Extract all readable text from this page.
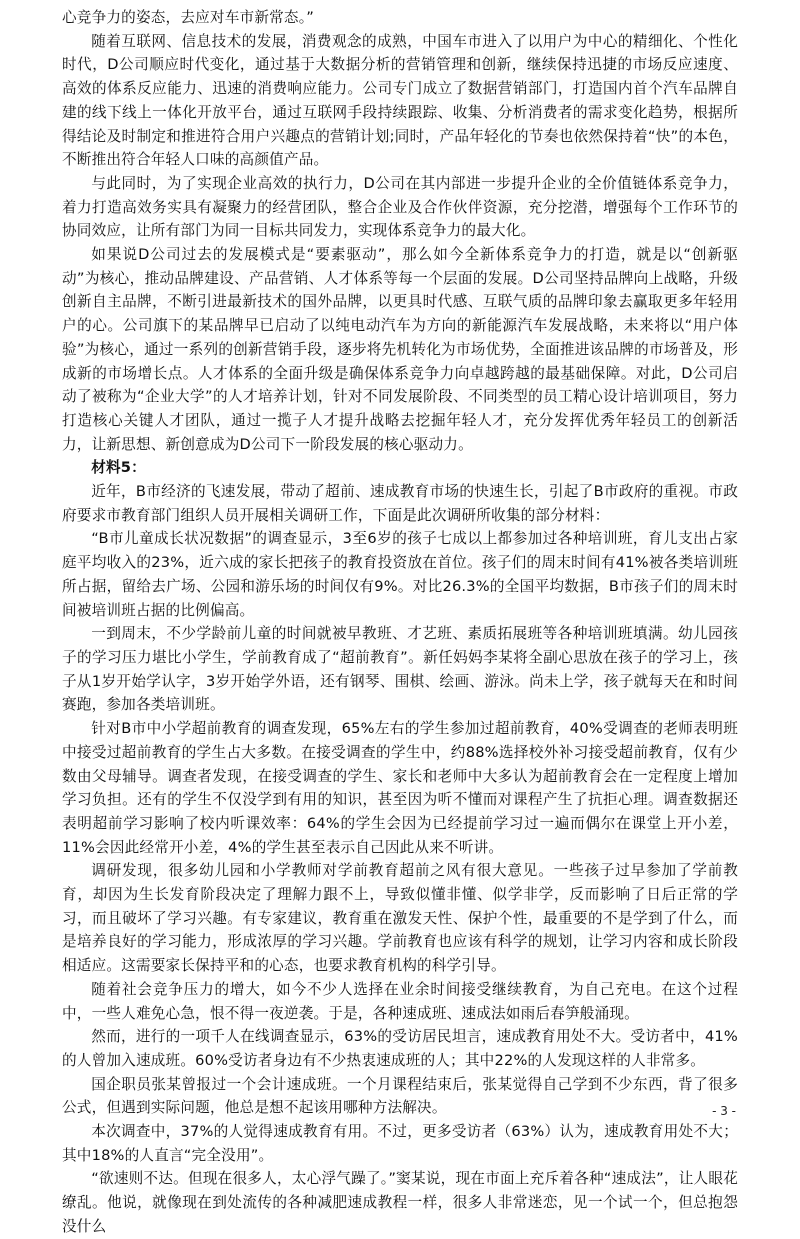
心竞争力的姿态，去应对车市新常态。”

随着互联网、信息技术的发展，消费观念的成熟，中国车市进入了以用户为中心的精细化、个性化时代，D公司顺应时代变化，通过基于大数据分析的营销管理和创新，继续保持迅捷的市场反应速度、高效的体系反应能力、迅速的消费响应能力。公司专门成立了数据营销部门，打造国内首个汽车品牌自建的线下线上一体化开放平台，通过互联网手段持续跟踪、收集、分析消费者的需求变化趋势，根据所得结论及时制定和推进符合用户兴趣点的营销计划;同时，产品年轻化的节奏也依然保持着“快”的本色，不断推出符合年轻人口味的高颜值产品。

与此同时，为了实现企业高效的执行力，D公司在其内部进一步提升企业的全价值链体系竞争力，着力打造高效务实具有凝聚力的经营团队，整合企业及合作伙伴资源，充分挖潜，增强每个工作环节的协同效应，让所有部门为同一目标共同发力，实现体系竞争力的最大化。

如果说D公司过去的发展模式是“要素驱动”，那么如今全新体系竞争力的打造，就是以“创新驱动”为核心，推动品牌建设、产品营销、人才体系等每一个层面的发展。D公司坚持品牌向上战略，升级创新自主品牌，不断引进最新技术的国外品牌，以更具时代感、互联气质的品牌印象去赢取更多年轻用户的心。公司旗下的某品牌早已启动了以纯电动汽车为方向的新能源汽车发展战略，未来将以“用户体验”为核心，通过一系列的创新营销手段，逐步将先机转化为市场优势，全面推进该品牌的市场普及，形成新的市场增长点。人才体系的全面升级是确保体系竞争力向卓越跨越的最基础保障。对此，D公司启动了被称为“企业大学”的人才培养计划，针对不同发展阶段、不同类型的员工精心设计培训项目，努力打造核心关键人才团队，通过一揽子人才提升战略去挖掘年轻人才，充分发挥优秀年轻员工的创新活力，让新思想、新创意成为D公司下一阶段发展的核心驱动力。

材料5：

近年，B市经济的飞速发展，带动了超前、速成教育市场的快速生长，引起了B市政府的重视。市政府要求市教育部门组织人员开展相关调研工作，下面是此次调研所收集的部分材料：

“B市儿童成长状况数据”的调查显示，3至6岁的孩子七成以上都参加过各种培训班，育儿支出占家庭平均收入的23%，近六成的家长把孩子的教育投资放在首位。孩子们的周末时间有41%被各类培训班所占据，留给去广场、公园和游乐场的时间仅有9%。对比26.3%的全国平均数据，B市孩子们的周末时间被培训班占据的比例偏高。

一到周末，不少学龄前儿童的时间就被早教班、才艺班、素质拓展班等各种培训班填满。幼儿园孩子的学习压力堪比小学生，学前教育成了“超前教育”。新任妈妈李某将全副心思放在孩子的学习上，孩子从1岁开始学认字，3岁开始学外语，还有钢琴、围棋、绘画、游泳。尚未上学，孩子就每天在和时间赛跑，参加各类培训班。

针对B市中小学超前教育的调查发现，65%左右的学生参加过超前教育，40%受调查的老师表明班中接受过超前教育的学生占大多数。在接受调查的学生中，约88%选择校外补习接受超前教育，仅有少数由父母辅导。调查者发现，在接受调查的学生、家长和老师中大多认为超前教育会在一定程度上增加学习负担。还有的学生不仅没学到有用的知识，甚至因为听不懂而对课程产生了抗拒心理。调查数据还表明超前学习影响了校内听课效率：64%的学生会因为已经提前学习过一遍而偶尔在课堂上开小差，11%会因此经常开小差，4%的学生甚至表示自己因此从来不听讲。

调研发现，很多幼儿园和小学教师对学前教育超前之风有很大意见。一些孩子过早参加了学前教育，却因为生长发育阶段决定了理解力跟不上，导致似懂非懂、似学非学，反而影响了日后正常的学习，而且破坏了学习兴趣。有专家建议，教育重在激发天性、保护个性，最重要的不是学到了什么，而是培养良好的学习能力，形成浓厚的学习兴趣。学前教育也应该有科学的规划，让学习内容和成长阶段相适应。这需要家长保持平和的心态，也要求教育机构的科学引导。

随着社会竞争压力的增大，如今不少人选择在业余时间接受继续教育，为自己充电。在这个过程中，一些人难免心急，恨不得一夜逆袭。于是，各种速成班、速成法如雨后春笋般涌现。

然而，进行的一项千人在线调查显示，63%的受访居民坦言，速成教育用处不大。受访者中，41%的人曾加入速成班。60%受访者身边有不少热衷速成班的人；其中22%的人发现这样的人非常多。

国企职员张某曾报过一个会计速成班。一个月课程结束后，张某觉得自己学到不少东西，背了很多公式，但遇到实际问题，他总是想不起该用哪种方法解决。

本次调查中，37%的人觉得速成教育有用。不过，更多受访者（63%）认为，速成教育用处不大；其中18%的人直言“完全没用”。

“欲速则不达。但现在很多人，太心浮气躁了。”窦某说，现在市面上充斥着各种“速成法”，让人眼花缭乱。他说，就像现在到处流传的各种减肥速成教程一样，很多人非常迷恋，见一个试一个，但总抱怨没什么

- 3 -
